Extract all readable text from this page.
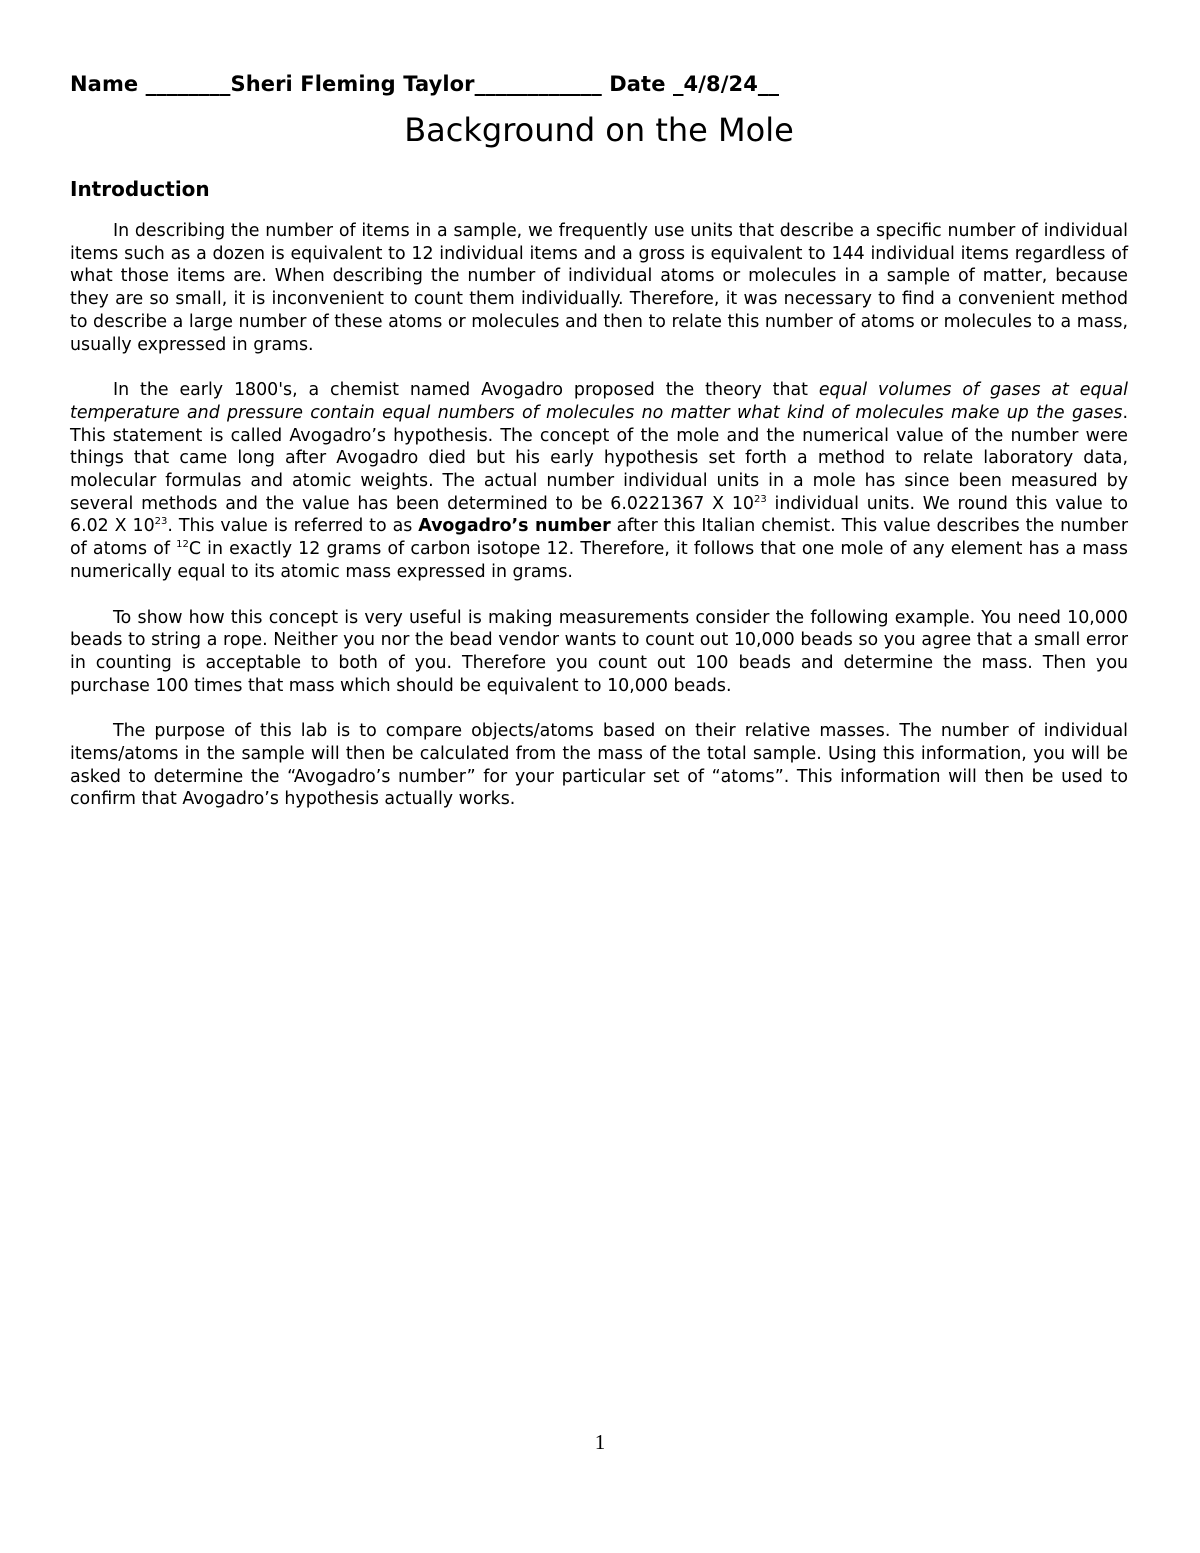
Name ________Sheri Fleming Taylor____________ Date _4/8/24__
Background on the Mole
Introduction

In describing the number of items in a sample, we frequently use units that describe a specific number of individual items such as a dozen is equivalent to 12 individual items and a gross is equivalent to 144 individual items regardless of what those items are. When describing the number of individual atoms or molecules in a sample of matter, because they are so small, it is inconvenient to count them individually. Therefore, it was necessary to find a convenient method to describe a large number of these atoms or molecules and then to relate this number of atoms or molecules to a mass, usually expressed in grams.

In the early 1800's, a chemist named Avogadro proposed the theory that equal volumes of gases at equal temperature and pressure contain equal numbers of molecules no matter what kind of molecules make up the gases. This statement is called Avogadro’s hypothesis. The concept of the mole and the numerical value of the number were things that came long after Avogadro died but his early hypothesis set forth a method to relate laboratory data, molecular formulas and atomic weights. The actual number individual units in a mole has since been measured by several methods and the value has been determined to be 6.0221367 X $10^{23}$ individual units. We round this value to 6.02 X $10^{23}$. This value is referred to as Avogadro’s number after this Italian chemist. This value describes the number of atoms of $^{12}$C in exactly 12 grams of carbon isotope 12. Therefore, it follows that one mole of any element has a mass numerically equal to its atomic mass expressed in grams.

To show how this concept is very useful is making measurements consider the following example. You need 10,000 beads to string a rope. Neither you nor the bead vendor wants to count out 10,000 beads so you agree that a small error in counting is acceptable to both of you. Therefore you count out 100 beads and determine the mass. Then you purchase 100 times that mass which should be equivalent to 10,000 beads.

The purpose of this lab is to compare objects/atoms based on their relative masses. The number of individual items/atoms in the sample will then be calculated from the mass of the total sample. Using this information, you will be asked to determine the “Avogadro’s number” for your particular set of “atoms”. This information will then be used to confirm that Avogadro’s hypothesis actually works.

1
